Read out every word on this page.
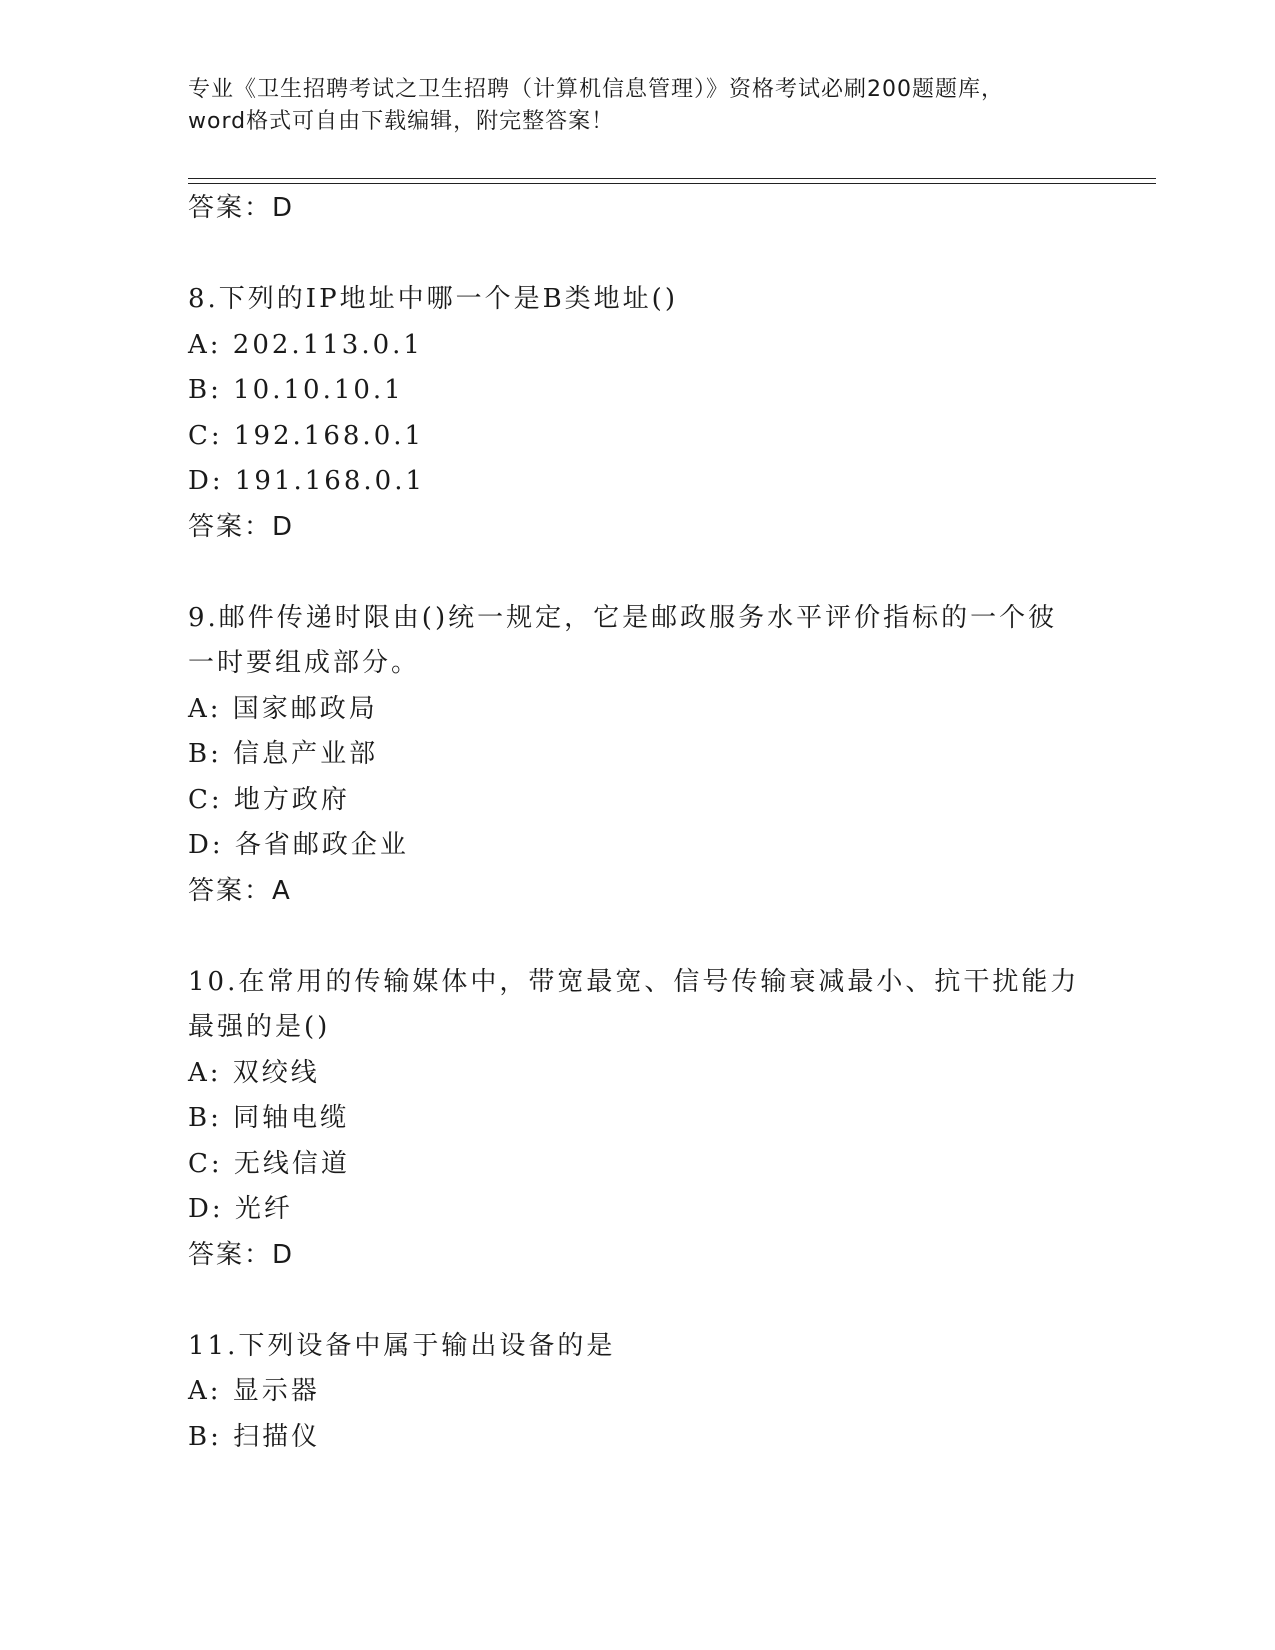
专业《卫生招聘考试之卫生招聘（计算机信息管理）》资格考试必刷200题题库，
word格式可自由下载编辑，附完整答案！
答案：D
8.下列的IP地址中哪一个是B类地址()
A: 202.113.0.1
B: 10.10.10.1
C: 192.168.0.1
D: 191.168.0.1
答案：D
9.邮件传递时限由()统一规定，它是邮政服务水平评价指标的一个彼
一时要组成部分。
A: 国家邮政局
B: 信息产业部
C: 地方政府
D: 各省邮政企业
答案：A
10.在常用的传输媒体中，带宽最宽、信号传输衰减最小、抗干扰能力
最强的是()
A: 双绞线
B: 同轴电缆
C: 无线信道
D: 光纤
答案：D
11.下列设备中属于输出设备的是
A: 显示器
B: 扫描仪
